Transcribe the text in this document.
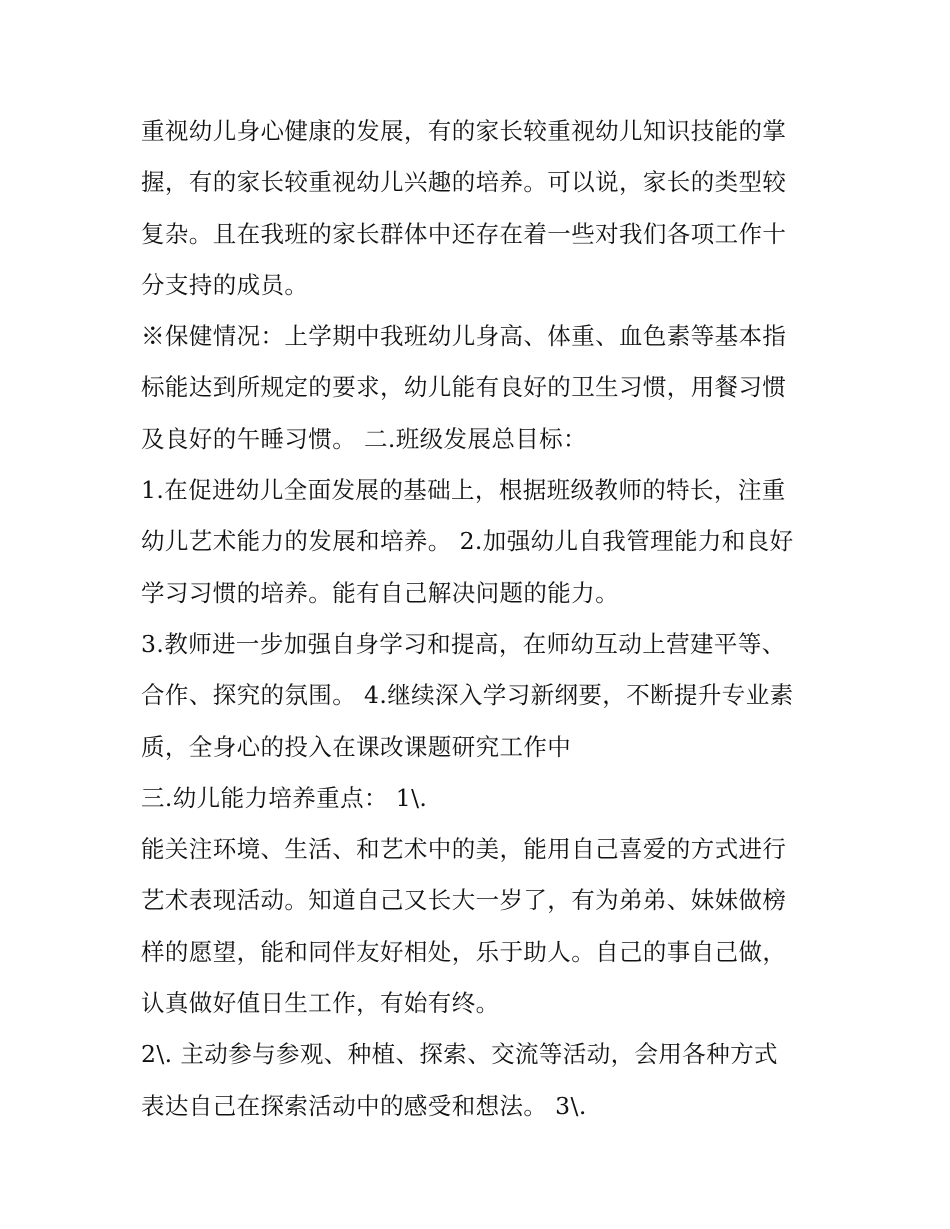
重视幼儿身心健康的发展，有的家长较重视幼儿知识技能的掌
握，有的家长较重视幼儿兴趣的培养。可以说，家长的类型较
复杂。且在我班的家长群体中还存在着一些对我们各项工作十
分支持的成员。
※保健情况：上学期中我班幼儿身高、体重、血色素等基本指
标能达到所规定的要求，幼儿能有良好的卫生习惯，用餐习惯
及良好的午睡习惯。 二.班级发展总目标：
1.在促进幼儿全面发展的基础上，根据班级教师的特长，注重
幼儿艺术能力的发展和培养。 2.加强幼儿自我管理能力和良好
学习习惯的培养。能有自己解决问题的能力。
3.教师进一步加强自身学习和提高，在师幼互动上营建平等、
合作、探究的氛围。 4.继续深入学习新纲要，不断提升专业素
质，全身心的投入在课改课题研究工作中
三.幼儿能力培养重点： 1\.
能关注环境、生活、和艺术中的美，能用自己喜爱的方式进行
艺术表现活动。知道自己又长大一岁了，有为弟弟、妹妹做榜
样的愿望，能和同伴友好相处，乐于助人。自己的事自己做，
认真做好值日生工作，有始有终。
2\. 主动参与参观、种植、探索、交流等活动，会用各种方式
表达自己在探索活动中的感受和想法。 3\.
